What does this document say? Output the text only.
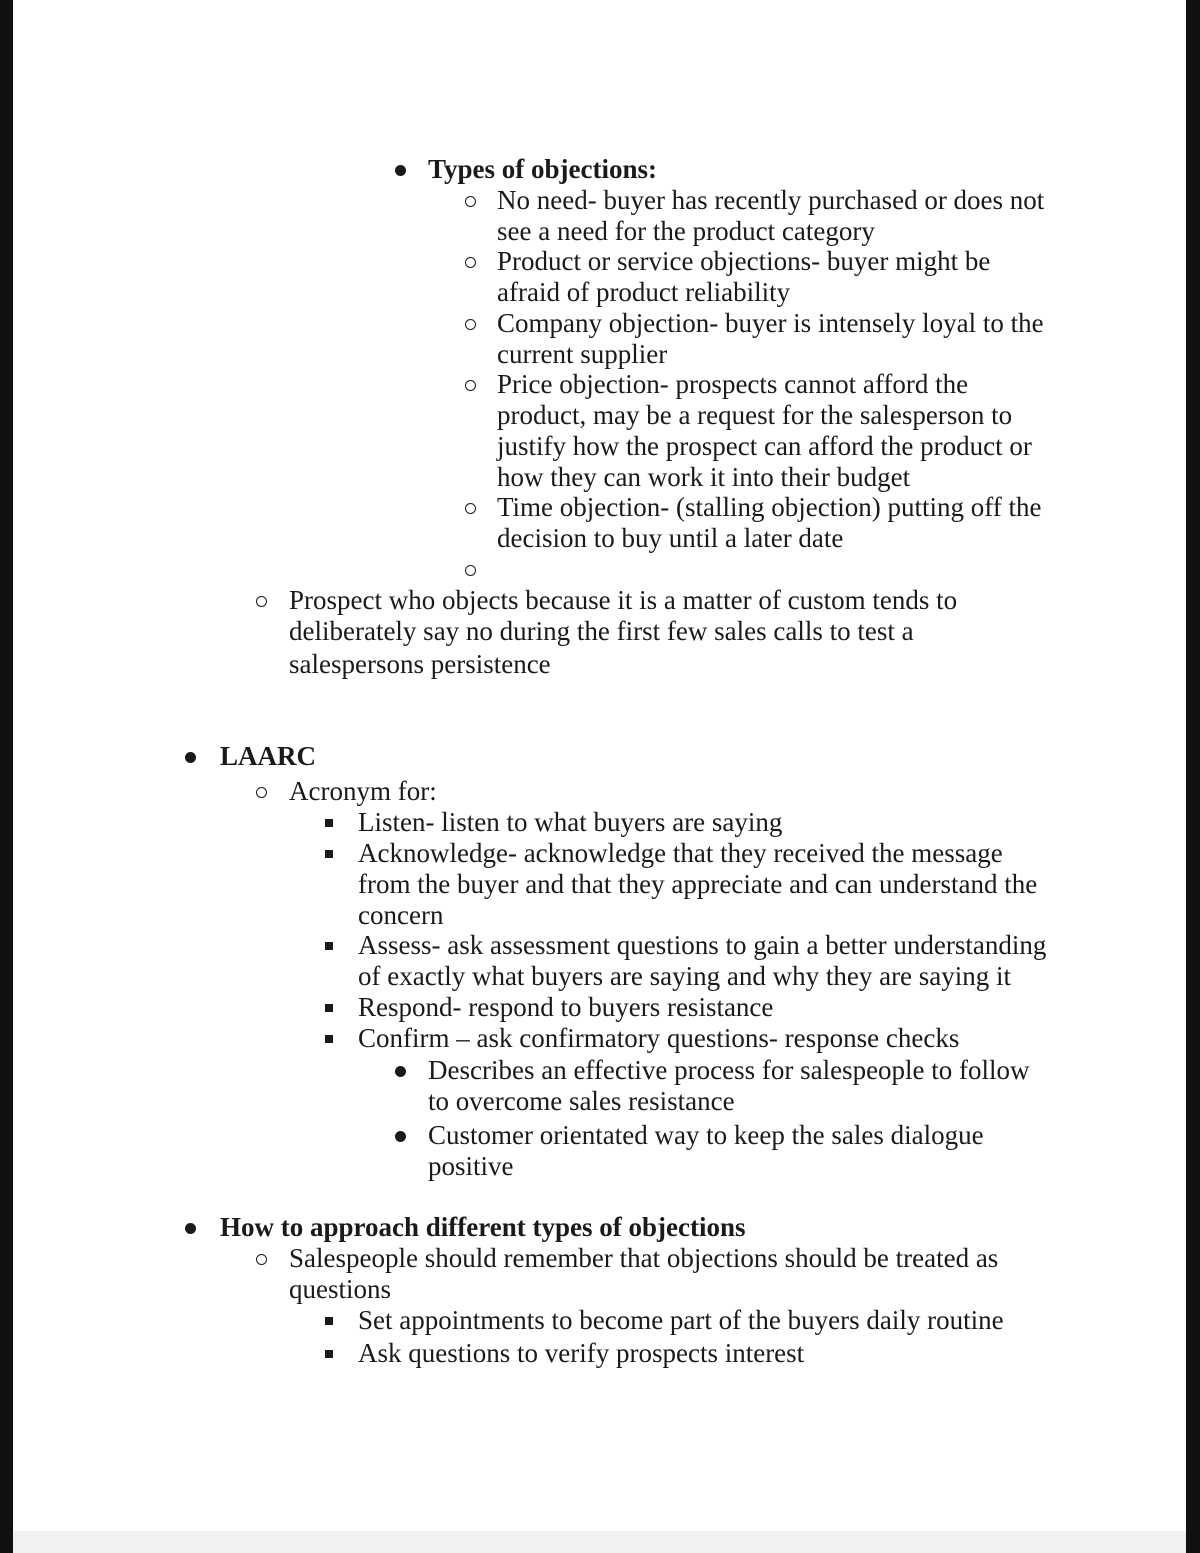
Types of objections:
No need- buyer has recently purchased or does not
see a need for the product category
Product or service objections- buyer might be
afraid of product reliability
Company objection- buyer is intensely loyal to the
current supplier
Price objection- prospects cannot afford the
product, may be a request for the salesperson to
justify how the prospect can afford the product or
how they can work it into their budget
Time objection- (stalling objection) putting off the
decision to buy until a later date
Prospect who objects because it is a matter of custom tends to
deliberately say no during the first few sales calls to test a
salespersons persistence
LAARC
Acronym for:
Listen- listen to what buyers are saying
Acknowledge- acknowledge that they received the message
from the buyer and that they appreciate and can understand the
concern
Assess- ask assessment questions to gain a better understanding
of exactly what buyers are saying and why they are saying it
Respond- respond to buyers resistance
Confirm – ask confirmatory questions- response checks
Describes an effective process for salespeople to follow
to overcome sales resistance
Customer orientated way to keep the sales dialogue
positive
How to approach different types of objections
Salespeople should remember that objections should be treated as
questions
Set appointments to become part of the buyers daily routine
Ask questions to verify prospects interest
